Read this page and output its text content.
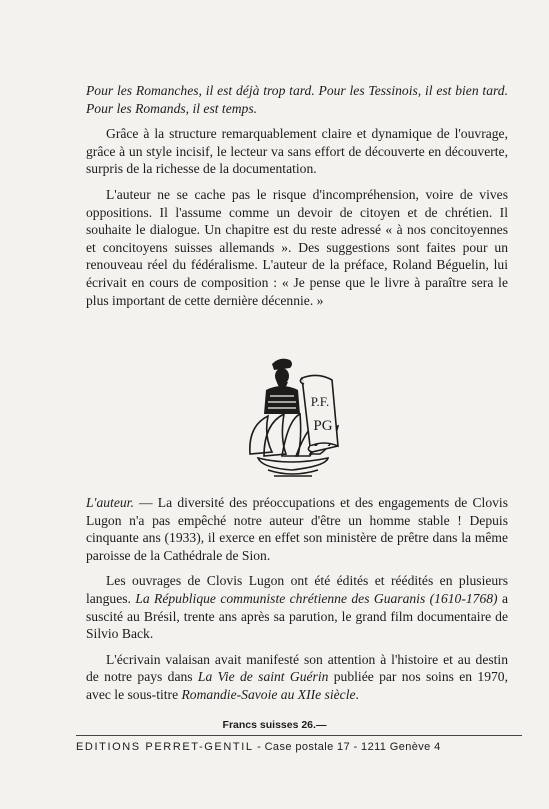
Pour les Romanches, il est déjà trop tard. Pour les Tessinois, il est bien tard. Pour les Romands, il est temps.

Grâce à la structure remarquablement claire et dynamique de l'ouvrage, grâce à un style incisif, le lecteur va sans effort de découverte en découverte, surpris de la richesse de la documentation.

L'auteur ne se cache pas le risque d'incompréhension, voire de vives oppositions. Il l'assume comme un devoir de citoyen et de chrétien. Il souhaite le dialogue. Un chapitre est du reste adressé « à nos concitoyennes et concitoyens suisses allemands ». Des suggestions sont faites pour un renouveau réel du fédéralisme. L'auteur de la préface, Roland Béguelin, lui écrivait en cours de composition : « Je pense que le livre à paraître sera le plus important de cette dernière décennie. »

P.F.
PG

L'auteur. — La diversité des préoccupations et des engagements de Clovis Lugon n'a pas empêché notre auteur d'être un homme stable ! Depuis cinquante ans (1933), il exerce en effet son ministère de prêtre dans la même paroisse de la Cathédrale de Sion.

Les ouvrages de Clovis Lugon ont été édités et réédités en plusieurs langues. La République communiste chrétienne des Guaranis (1610-1768) a suscité au Brésil, trente ans après sa parution, le grand film documentaire de Silvio Back.

L'écrivain valaisan avait manifesté son attention à l'histoire et au destin de notre pays dans La Vie de saint Guérin publiée par nos soins en 1970, avec le sous-titre Romandie-Savoie au XIIe siècle.

Francs suisses 26.—
EDITIONS PERRET-GENTIL - Case postale 17 - 1211 Genève 4
